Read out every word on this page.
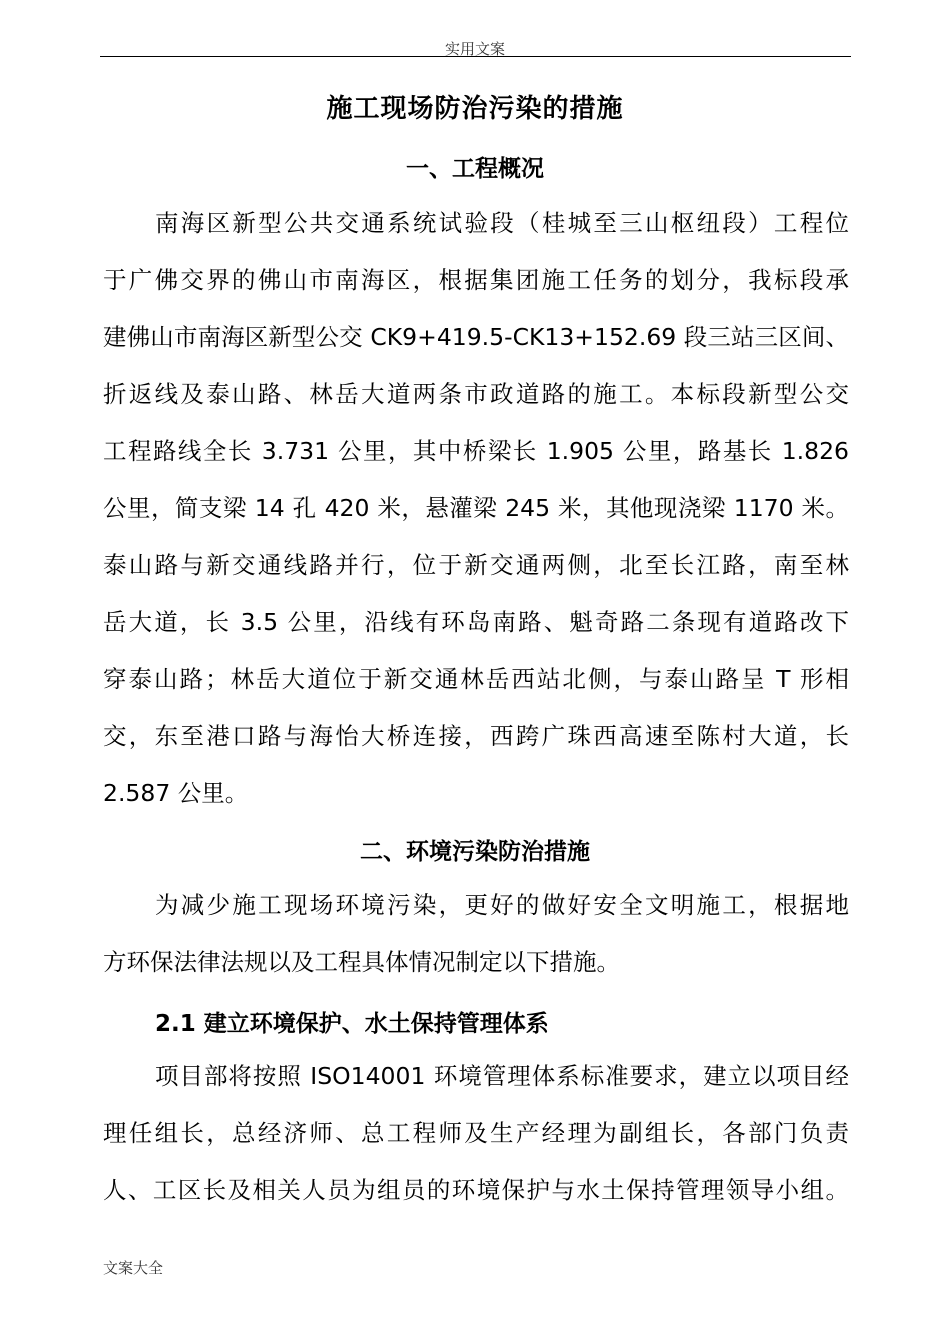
实用文案
施工现场防治污染的措施
一、工程概况
南海区新型公共交通系统试验段（桂城至三山枢纽段）工程位
于广佛交界的佛山市南海区，根据集团施工任务的划分，我标段承
建佛山市南海区新型公交 CK9+419.5-CK13+152.69 段三站三区间、
折返线及泰山路、林岳大道两条市政道路的施工。本标段新型公交
工程路线全长 3.731 公里，其中桥梁长 1.905 公里，路基长 1.826
公里，简支梁 14 孔 420 米，悬灌梁 245 米，其他现浇梁 1170 米。
泰山路与新交通线路并行，位于新交通两侧，北至长江路，南至林
岳大道，长 3.5 公里，沿线有环岛南路、魁奇路二条现有道路改下
穿泰山路；林岳大道位于新交通林岳西站北侧，与泰山路呈 T 形相
交，东至港口路与海怡大桥连接，西跨广珠西高速至陈村大道，长
2.587 公里。
二、环境污染防治措施
为减少施工现场环境污染，更好的做好安全文明施工，根据地
方环保法律法规以及工程具体情况制定以下措施。
2.1 建立环境保护、水土保持管理体系
项目部将按照 ISO14001 环境管理体系标准要求，建立以项目经
理任组长，总经济师、总工程师及生产经理为副组长，各部门负责
人、工区长及相关人员为组员的环境保护与水土保持管理领导小组。
文案大全
